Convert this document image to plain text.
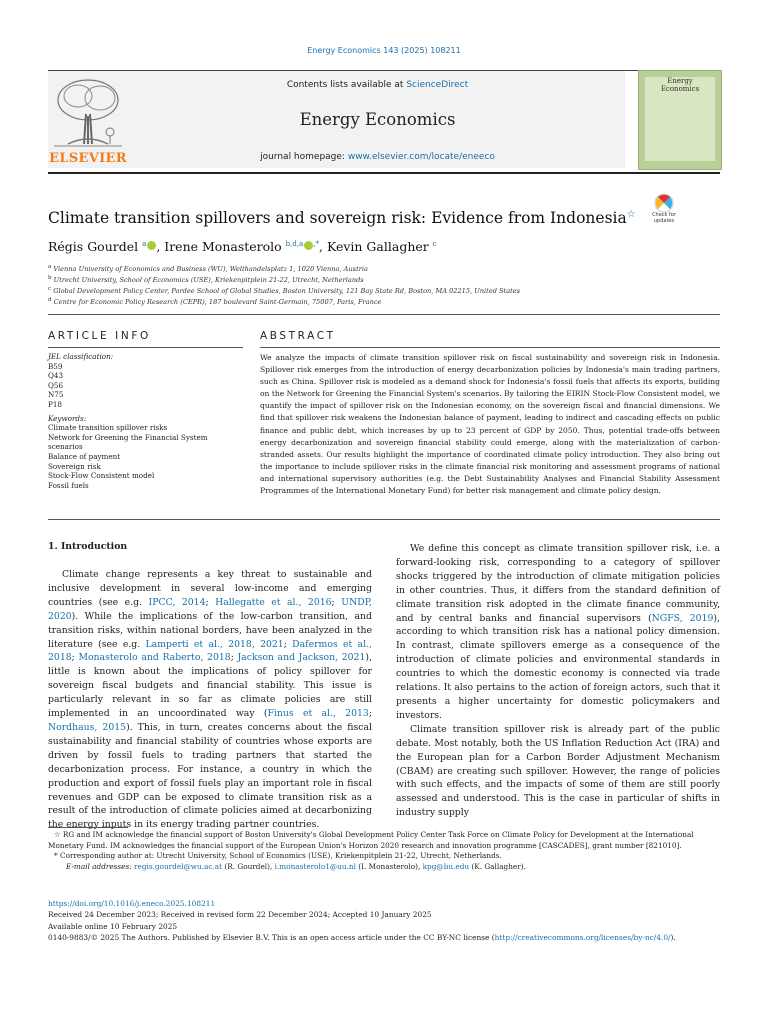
Energy Economics 143 (2025) 108211
ELSEVIER
Contents lists available at ScienceDirect
Energy Economics
journal homepage: www.elsevier.com/locate/eneeco
Energy Economics
Check for updates
Climate transition spillovers and sovereign risk: Evidence from Indonesia☆
Régis Gourdel $^a$ , Irene Monasterolo $^{b,d,a}$ ,*, Kevin Gallagher $^c$
$^a$ Vienna University of Economics and Business (WU), Welthandelsplatz 1, 1020 Vienna, Austria
$^b$ Utrecht University, School of Economics (USE), Kriekenpitplein 21-22, Utrecht, Netherlands
$^c$ Global Development Policy Center, Pardee School of Global Studies, Boston University, 121 Bay State Rd, Boston, MA 02215, United States
$^d$ Centre for Economic Policy Research (CEPR), 187 boulevard Saint-Germain, 75007, Paris, France
ARTICLE INFO	ABSTRACT
JEL classification:
B59
Q43
Q56
N75
P18
Keywords:
Climate transition spillover risks
Network for Greening the Financial System scenarios
Balance of payment
Sovereign risk
Stock-Flow Consistent model
Fossil fuels
We analyze the impacts of climate transition spillover risk on fiscal sustainability and sovereign risk in Indonesia. Spillover risk emerges from the introduction of energy decarbonization policies by Indonesia's main trading partners, such as China. Spillover risk is modeled as a demand shock for Indonesia's fossil fuels that affects its exports, building on the Network for Greening the Financial System's scenarios. By tailoring the EIRIN Stock-Flow Consistent model, we quantify the impact of spillover risk on the Indonesian economy, on the sovereign fiscal and financial dimensions. We find that spillover risk weakens the Indonesian balance of payment, leading to indirect and cascading effects on public finance and public debt, which increases by up to 23 percent of GDP by 2050. Thus, potential trade-offs between energy decarbonization and sovereign financial stability could emerge, along with the materialization of carbon-stranded assets. Our results highlight the importance of coordinated climate policy introduction. They also bring out the importance to include spillover risks in the climate financial risk monitoring and assessment programs of national and international supervisory authorities (e.g. the Debt Sustainability Analyses and Financial Stability Assessment Programmes of the International Monetary Fund) for better risk management and climate policy design.
1. Introduction

Climate change represents a key threat to sustainable and inclusive development in several low-income and emerging countries (see e.g. IPCC, 2014; Hallegatte et al., 2016; UNDP, 2020). While the implications of the low-carbon transition, and transition risks, within national borders, have been analyzed in the literature (see e.g. Lamperti et al., 2018, 2021; Dafermos et al., 2018; Monasterolo and Raberto, 2018; Jackson and Jackson, 2021), little is known about the implications of policy spillover for sovereign fiscal budgets and financial stability. This issue is particularly relevant in so far as climate policies are still implemented in an uncoordinated way (Finus et al., 2013; Nordhaus, 2015). This, in turn, creates concerns about the fiscal sustainability and financial stability of countries whose exports are driven by fossil fuels to trading partners that started the decarbonization process. For instance, a country in which the production and export of fossil fuels play an important role in fiscal revenues and GDP can be exposed to climate transition risk as a result of the introduction of climate policies aimed at decarbonizing the energy inputs in its energy trading partner countries.

We define this concept as climate transition spillover risk, i.e. a forward-looking risk, corresponding to a category of spillover shocks triggered by the introduction of climate mitigation policies in other countries. Thus, it differs from the standard definition of climate transition risk adopted in the climate finance community, and by central banks and financial supervisors (NGFS, 2019), according to which transition risk has a national policy dimension. In contrast, climate spillovers emerge as a consequence of the introduction of climate policies and environmental standards in countries to which the domestic economy is connected via trade relations. It also pertains to the action of foreign actors, such that it presents a higher uncertainty for domestic policymakers and investors.

Climate transition spillover risk is already part of the public debate. Most notably, both the US Inflation Reduction Act (IRA) and the European plan for a Carbon Border Adjustment Mechanism (CBAM) are creating such spillover. However, the range of policies with such effects, and the impacts of some of them are still poorly assessed and understood. This is the case in particular of shifts in industry supply

☆ RG and IM acknowledge the financial support of Boston University's Global Development Policy Center Task Force on Climate Policy for Development at the International Monetary Fund. IM acknowledges the financial support of the European Union's Horizon 2020 research and innovation programme [CASCADES], grant number [821010].

* Corresponding author at: Utrecht University, School of Economics (USE), Kriekenpitplein 21-22, Utrecht, Netherlands.

E-mail addresses: regis.gourdel@wu.ac.at (R. Gourdel), i.monasterolo1@uu.nl (I. Monasterolo), kpg@bu.edu (K. Gallagher).

https://doi.org/10.1016/j.eneco.2025.108211

Received 24 December 2023; Received in revised form 22 December 2024; Accepted 10 January 2025

Available online 10 February 2025

0140-9883/© 2025 The Authors. Published by Elsevier B.V. This is an open access article under the CC BY-NC license (http://creativecommons.org/licenses/by-nc/4.0/).
